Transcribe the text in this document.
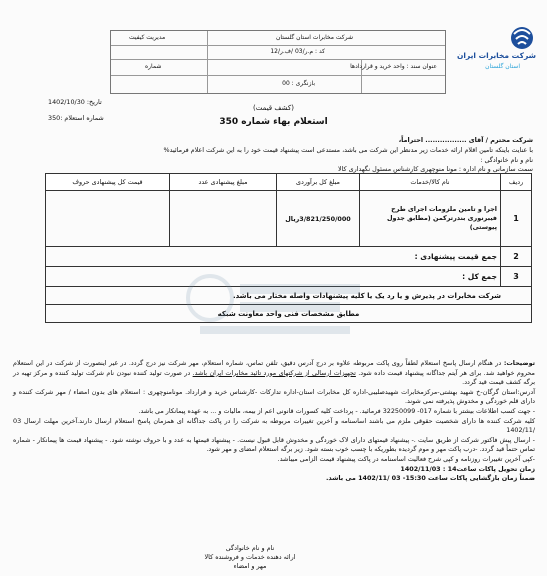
شرکت مخابرات ایران
استان گلستان
شرکت مخابرات استان گلستان
مدیریت کیفیت
کد : م.ر/03 /ف.ر/12
عنوان سند : واحد خرید و قراردادها
شماره
بازنگری : 00
تاریخ: 1402/10/30
شماره استعلام :350
(کشف قیمت)
استعلام بهاء شماره 350
شرکت محترم / آقای ................. احتراماً،
با عنایت باینکه تامین اقلام ارائه خدمات زیر مدنظر این شرکت می باشد، مستدعی است پیشنهاد قیمت خود را به این شرکت اعلام فرمائید%
نام و نام خانوادگی :
سمت سازمانی و نام اداره : مونا منوچهری کارشناس مسئول نگهداری کالا
ردیف	نام کالا/خدمات	مبلغ کل برآوردی	مبلغ پیشنهادی عدد	قیمت کل پیشنهادی حروف
1	اجرا و تامین ملزومات اجرای طرح فیبرنوری بندرترکمن (مطابق جدول پیوستی)	3/821/250/000ریال		
2	جمع قیمت پیشنهادی :			
3	جمع کل :			
شرکت مخابرات در پذیرش و یا رد یک یا کلیه پیشنهادات واصله مختار می باشد.				
مطابق مشخصات فنی واحد معاونت شبکه				

توضیحات: در هنگام ارسال پاسخ استعلام لطفاً روی پاکت مربوطه علاوه بر درج آدرس دقیق، تلفن تماس، شماره استعلام، مهر شرکت نیز درج گردد. در غیر اینصورت از شرکت در این استعلام محروم خواهید شد. برای هر آیتم جداگانه پیشنهاد قیمت داده شود. تجهیزات ارسالی از شرکتهای مورد تائید مخابرات ایران باشد. در صورت تولید کننده نبودن نام شرکت تولید کننده و مرکز تهیه در برگه کشف قیمت قید گردد.

آدرس:استان گرگان-خ شهید بهشتی-مرکزمخابرات شهیدصلیبی-اداره کل مخابرات استان-اداره تدارکات -کارشناس خرید و قرارداد. مونامنوچهری : استعلام های بدون امضاء / مهر شرکت کننده و دارای قلم خوردگی و مخدوش پذیرفته نمی شوند.

- جهت کسب اطلاعات بیشتر با شماره 017- 32250099 فرمائید. - پرداخت کلیه کسورات قانونی اعم از بیمه، مالیات و ... به عهده پیمانکار می باشد.

کلیه شرکت کننده ها دارای شخصیت حقوقی ملزم می باشند اساسنامه و آخرین تغییرات مربوطه به شرکت را در پاکت جداگانه ای همزمان پاسخ استعلام ارسال دارند.آخرین مهلت ارسال 03 /1402/11

- ارسال پیش فاکتور شرکت از طریق سایت .- پیشنهاد قیمتهای دارای لاک خوردگی و مخدوش قابل قبول نیست. - پیشنهاد قیمتها به عدد و با حروف نوشته شود. - پیشنهاد قیمت ها پیمانکار - شماره تماس حتماً قید گردد. -درب پاکت مهر و موم گردیده بطوریکه با چسب خوب بسته شود. زیر برگه استعلام امضای و مهر شود.

-کپی آخرین تغییرات روزنامه و کپی شرح فعالیت اساسنامه در پاکت پیشنهاد قیمت الزامی میباشد.

زمان تحویل پاکات ساعت14 : 1402/11/03

ضمناً زمان بازگشایی پاکات ساعت 15:30- 03 /1402/11 می باشد.

نام و نام خانوادگی
ارائه دهنده خدمات و فروشنده کالا
مهر و امضاء
